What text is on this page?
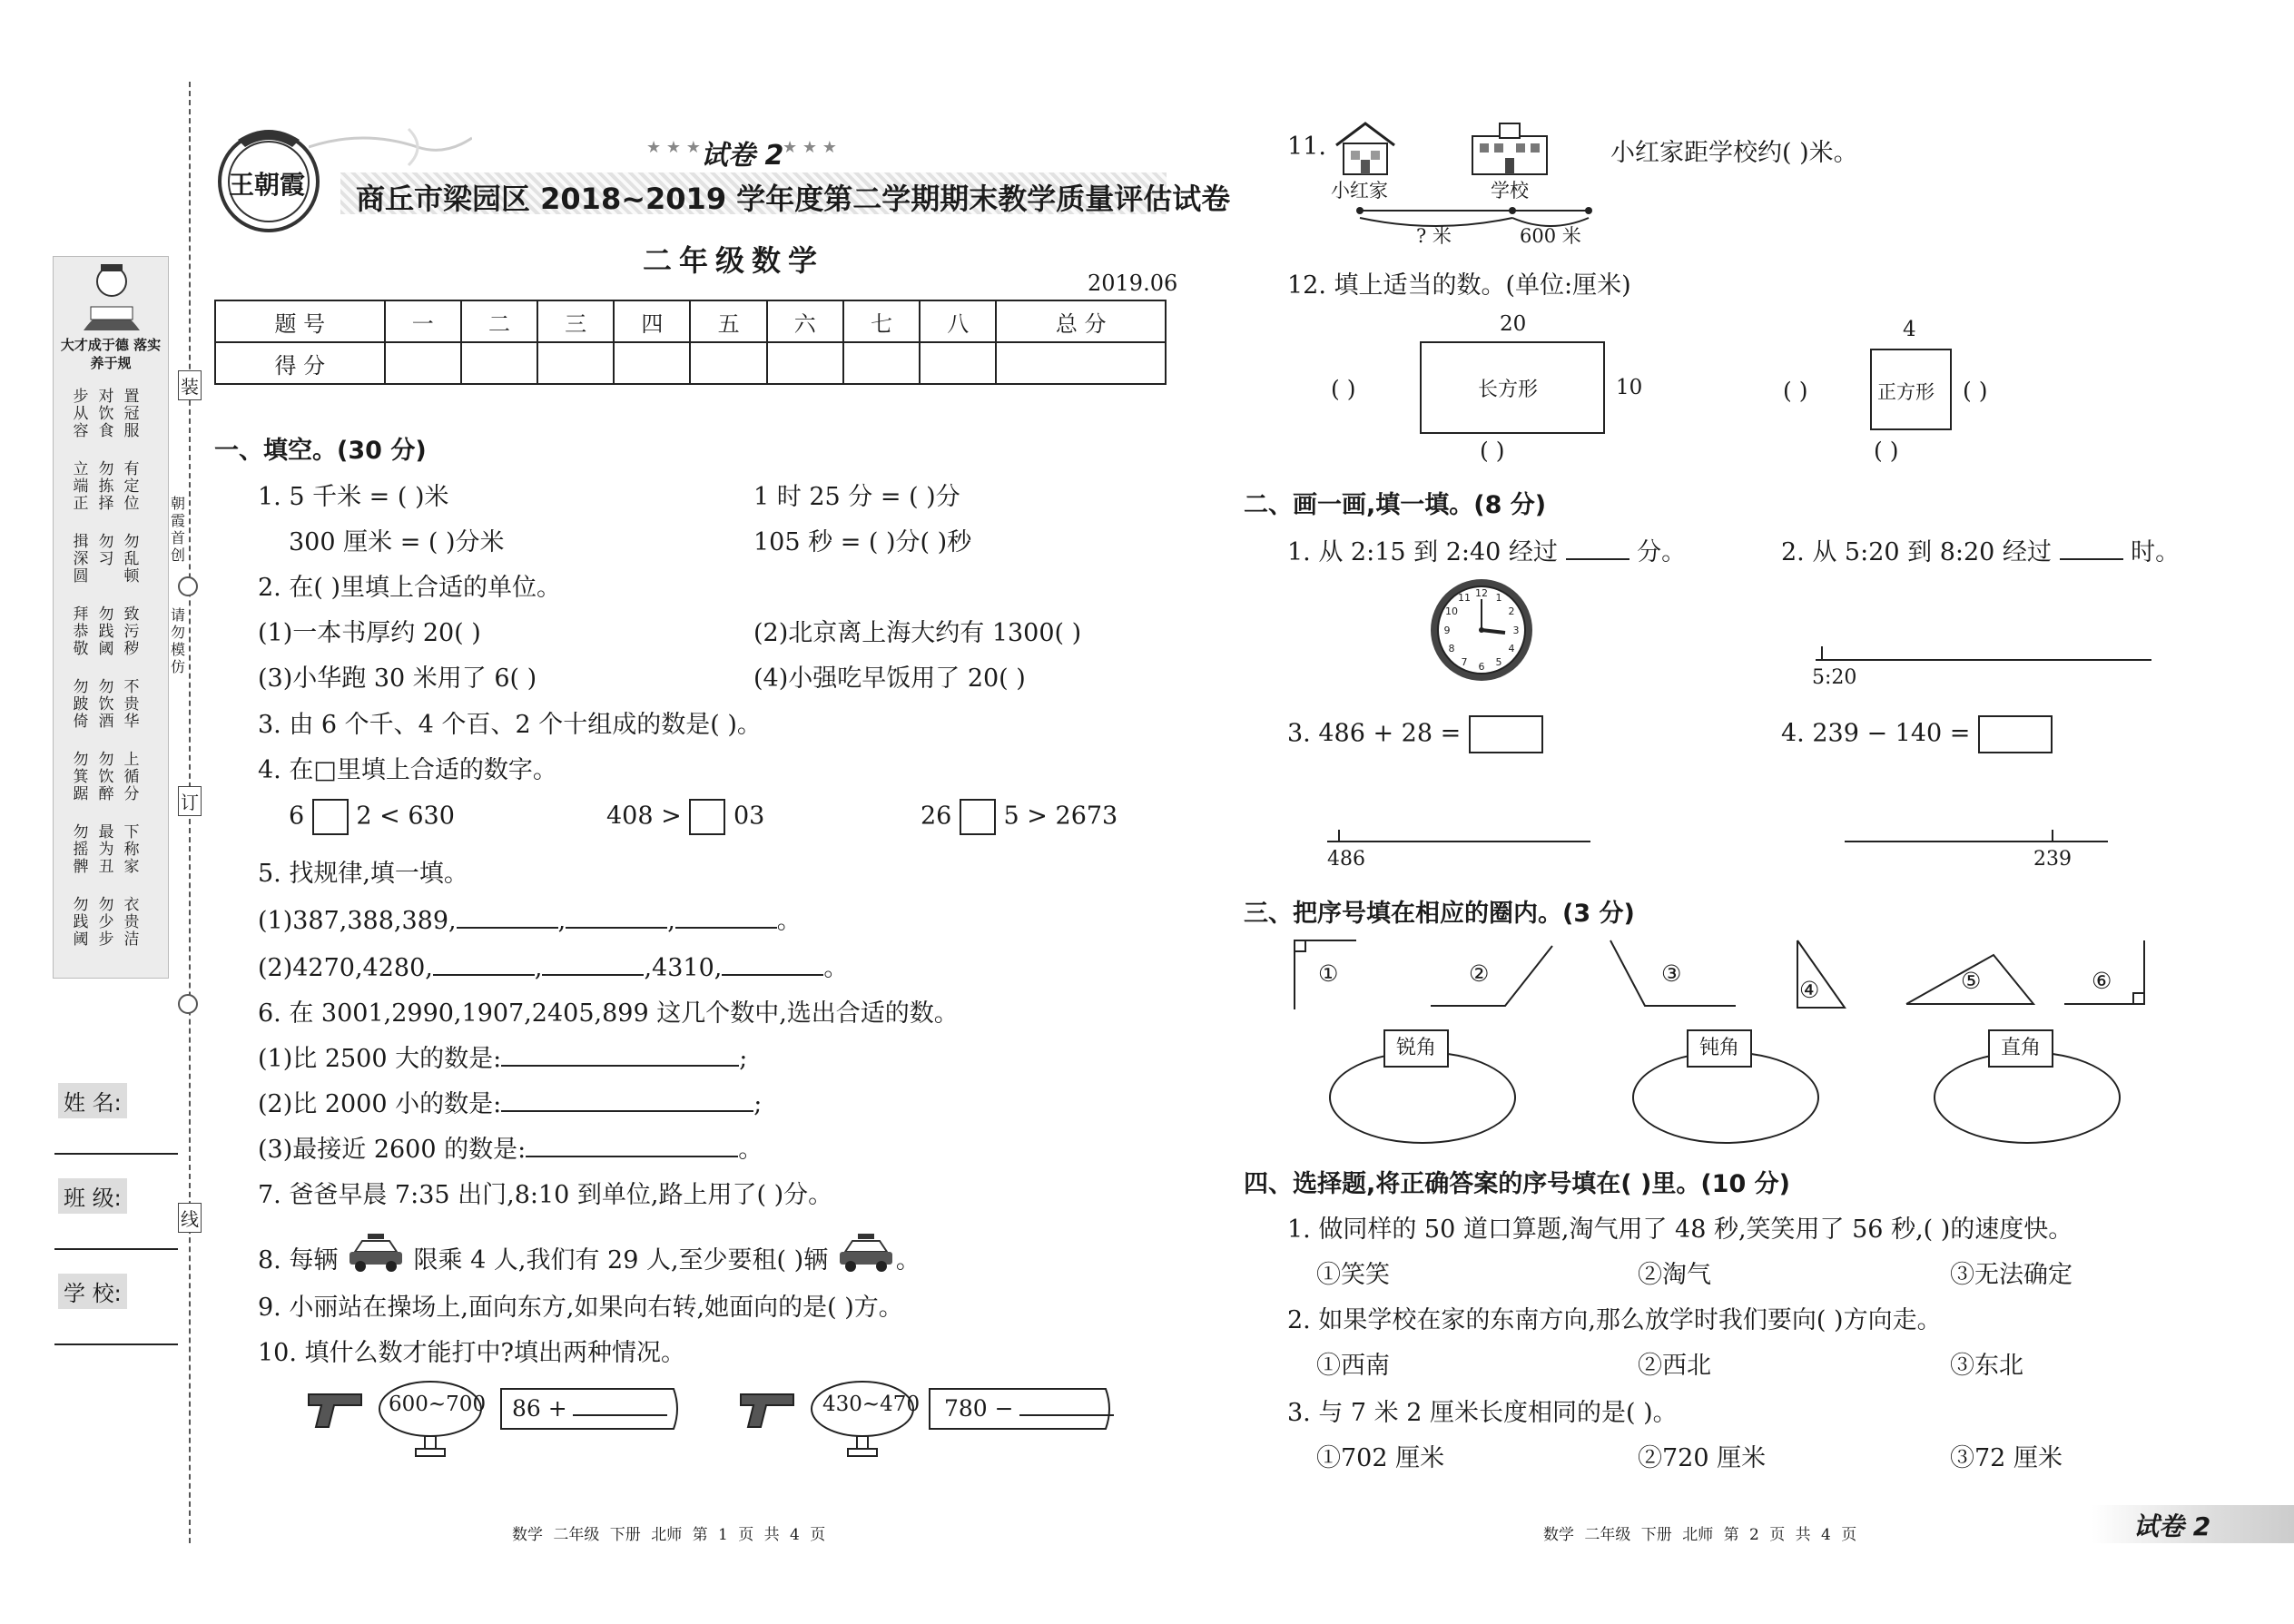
装
订
线
朝霞首创
请勿模仿
大才成于德 落实养于规
步从容
对饮食
置冠服
立端正
勿拣择
有定位
揖深圆
勿习
勿乱顿
拜恭敬
勿践阈
致污秽
勿跛倚
勿饮酒
不贵华
勿箕踞
勿饮醉
上循分
勿摇髀
最为丑
下称家
勿践阈
勿少步
衣贵洁
姓 名:
班 级:
学 校:
王朝霞
★ ★ ★ 试卷 2
★ ★ ★
商丘市梁园区 2018~2019 学年度第二学期期末教学质量评估试卷
二年级数学
2019.06
题 号	一	二	三	四	五	六	七	八	总 分
得 分									
一、填空。(30 分)
1. 5 千米 = ( )米	1 时 25 分 = ( )分
300 厘米 = ( )分米	105 秒 = ( )分( )秒
2. 在( )里填上合适的单位。
(1)一本书厚约 20( )	(2)北京离上海大约有 1300( )
(3)小华跑 30 米用了 6( )	(4)小强吃早饭用了 20( )
3. 由 6 个千、4 个百、2 个十组成的数是( )。
4. 在□里填上合适的数字。
6 2 < 630	408 > 03	26 5 > 2673
5. 找规律,填一填。
(1)387,388,389,	,	,	。
(2)4270,4280,	,	,4310,	。
6. 在 3001,2990,1907,2405,899 这几个数中,选出合适的数。
(1)比 2500 大的数是:	;
(2)比 2000 小的数是:	;
(3)最接近 2600 的数是:	。
7. 爸爸早晨 7:35 出门,8:10 到单位,路上用了( )分。
8. 每辆	限乘 4 人,我们有 29 人,至少要租( )辆	。
9. 小丽站在操场上,面向东方,如果向右转,她面向的是( )方。
10. 填什么数才能打中?填出两种情况。
600~700 86 +	430~470 780 −
数学 二年级 下册 北师 第 1 页 共 4 页
11.
小红家	学校
? 米	600 米
小红家距学校约( )米。
12. 填上适当的数。(单位:厘米)
20
长方形	10
( )
( )
4
正方形
( )	( )
( )
二、画一画,填一填。(8 分)
1. 从 2:15 到 2:40 经过	分。	2. 从 5:20 到 8:20 经过	时。
12 1
2
3
4
5
6
7
8
9
10
11
5:20
3. 486 + 28 =	4. 239 − 140 =
486	239
三、把序号填在相应的圈内。(3 分)
①	②	③
④	⑤	⑥
锐角	钝角	直角
四、选择题,将正确答案的序号填在( )里。(10 分)
1. 做同样的 50 道口算题,淘气用了 48 秒,笑笑用了 56 秒,( )的速度快。
①笑笑	②淘气	③无法确定
2. 如果学校在家的东南方向,那么放学时我们要向( )方向走。
①西南	②西北	③东北
3. 与 7 米 2 厘米长度相同的是( )。
①702 厘米	②720 厘米	③72 厘米
密
数学 二年级 下册 北师 第 2 页 共 4 页	试卷 2
